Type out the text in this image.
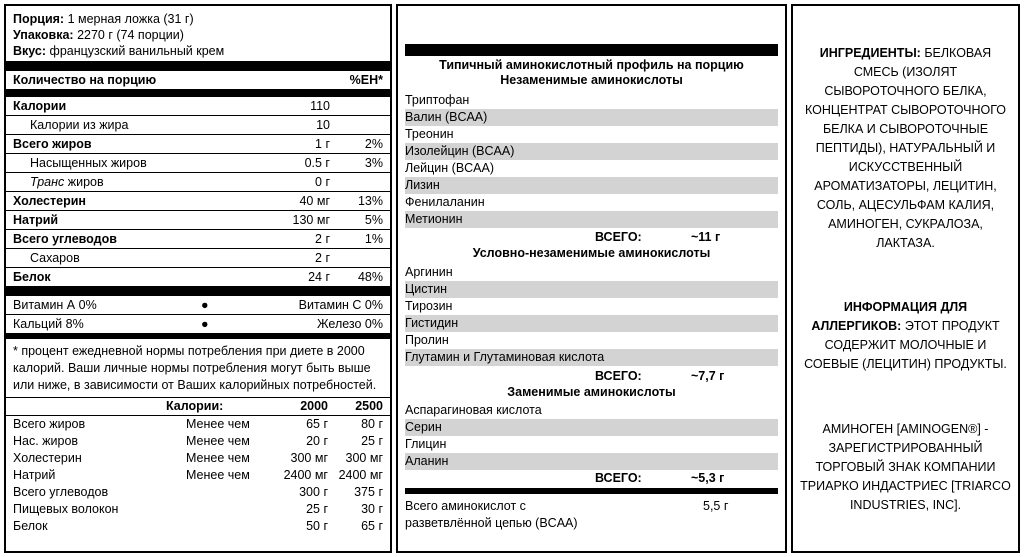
Порция: 1 мерная ложка (31 г)
Упаковка: 2270 г (74 порции)
Вкус: французский ванильный крем
Количество на порцию	%ЕН*
Калории	110
Калории из жира	10
Всего жиров	1 г	2%
Насыщенных жиров	0.5 г	3%
Транс жиров	0 г
Холестерин	40 мг 13%
Натрий	130 мг	5%
Всего углеводов	2 г	1%
Сахаров	2 г
Белок	24 г 48%
Витамин А 0%	●	Витамин С 0%
Кальций 8%	●	Железо 0%
* процент ежедневной нормы потребления при диете в 2000 калорий. Ваши личные нормы потребления могут быть выше или ниже, в зависимости от Ваших калорийных потребностей.
Калории:	2000 2500
Всего жиров	Менее чем	65 г	80 г
Нас. жиров	Менее чем	20 г	25 г
Холестерин	Менее чем	300 мг 300 мг
Натрий	Менее чем	2400 мг 2400 мг
Всего углеводов	300 г 375 г
Пищевых волокон	25 г	30 г
Белок	50 г	65 г
Типичный аминокислотный профиль на порцию
Незаменимые аминокислоты
Триптофан
Валин (BCAA)
Треонин
Изолейцин (BCAA)
Лейцин (BCAA)
Лизин
Фенилаланин
Метионин
ВСЕГО:	~11 г
Условно-незаменимые аминокислоты
Аргинин
Цистин
Тирозин
Гистидин
Пролин
Глутамин и Глутаминовая кислота
ВСЕГО:	~7,7 г
Заменимые аминокислоты
Аспарагиновая кислота
Серин
Глицин
Аланин
ВСЕГО:	~5,3 г
Всего аминокислот с разветвлённой цепью (BCAA)
5,5 г
ИНГРЕДИЕНТЫ: БЕЛКОВАЯ СМЕСЬ (ИЗОЛЯТ СЫВОРОТОЧНОГО БЕЛКА, КОНЦЕНТРАТ СЫВОРОТОЧНОГО БЕЛКА И СЫВОРОТОЧНЫЕ ПЕПТИДЫ), НАТУРАЛЬНЫЙ И ИСКУССТВЕННЫЙ АРОМАТИЗАТОРЫ, ЛЕЦИТИН, СОЛЬ, АЦЕСУЛЬФАМ КАЛИЯ, АМИНОГЕН, СУКРАЛОЗА, ЛАКТАЗА.
ИНФОРМАЦИЯ ДЛЯ АЛЛЕРГИКОВ: ЭТОТ ПРОДУКТ СОДЕРЖИТ МОЛОЧНЫЕ И СОЕВЫЕ (ЛЕЦИТИН) ПРОДУКТЫ.
АМИНОГЕН [AMINOGEN®] - ЗАРЕГИСТРИРОВАННЫЙ ТОРГОВЫЙ ЗНАК КОМПАНИИ ТРИАРКО ИНДАСТРИЕС [TRIARCO INDUSTRIES, INC].
